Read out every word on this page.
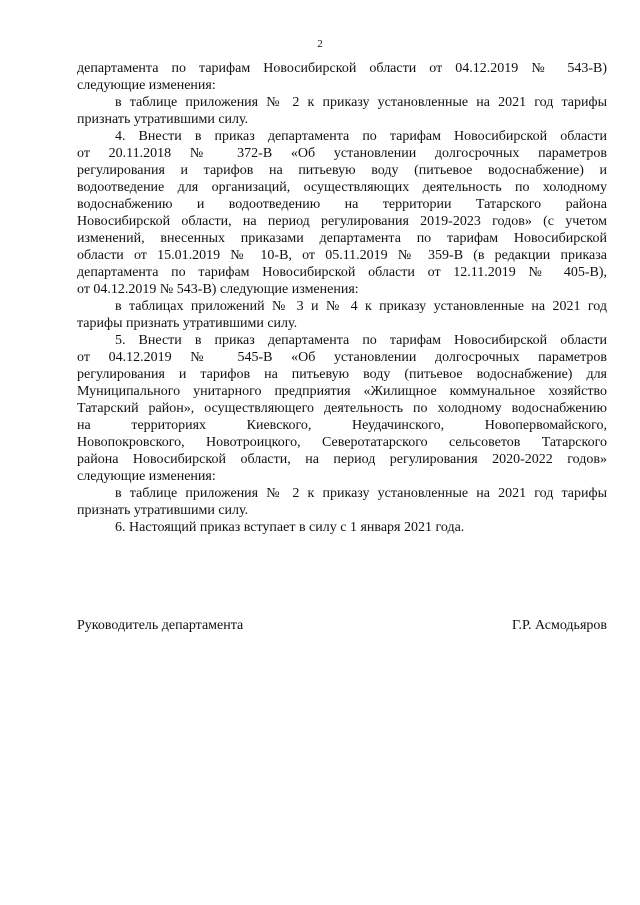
2
департамента по тарифам Новосибирской области от 04.12.2019 № 543-В)
следующие изменения:
в таблице приложения № 2 к приказу установленные на 2021 год тарифы
признать утратившими силу.
4. Внести в приказ департамента по тарифам Новосибирской области
от 20.11.2018 № 372-В «Об установлении долгосрочных параметров
регулирования и тарифов на питьевую воду (питьевое водоснабжение) и
водоотведение для организаций, осуществляющих деятельность по холодному
водоснабжению и водоотведению на территории Татарского района
Новосибирской области, на период регулирования 2019-2023 годов» (с учетом
изменений, внесенных приказами департамента по тарифам Новосибирской
области от 15.01.2019 № 10-В, от 05.11.2019 № 359-В (в редакции приказа
департамента по тарифам Новосибирской области от 12.11.2019 № 405-В),
от 04.12.2019 № 543-В) следующие изменения:
в таблицах приложений № 3 и № 4 к приказу установленные на 2021 год
тарифы признать утратившими силу.
5. Внести в приказ департамента по тарифам Новосибирской области
от 04.12.2019 № 545-В «Об установлении долгосрочных параметров
регулирования и тарифов на питьевую воду (питьевое водоснабжение) для
Муниципального унитарного предприятия «Жилищное коммунальное хозяйство
Татарский район», осуществляющего деятельность по холодному водоснабжению
на территориях Киевского, Неудачинского, Новопервомайского,
Новопокровского, Новотроицкого, Северотатарского сельсоветов Татарского
района Новосибирской области, на период регулирования 2020-2022 годов»
следующие изменения:
в таблице приложения № 2 к приказу установленные на 2021 год тарифы
признать утратившими силу.
6. Настоящий приказ вступает в силу с 1 января 2021 года.
Руководитель департамента	Г.Р. Асмодьяров
